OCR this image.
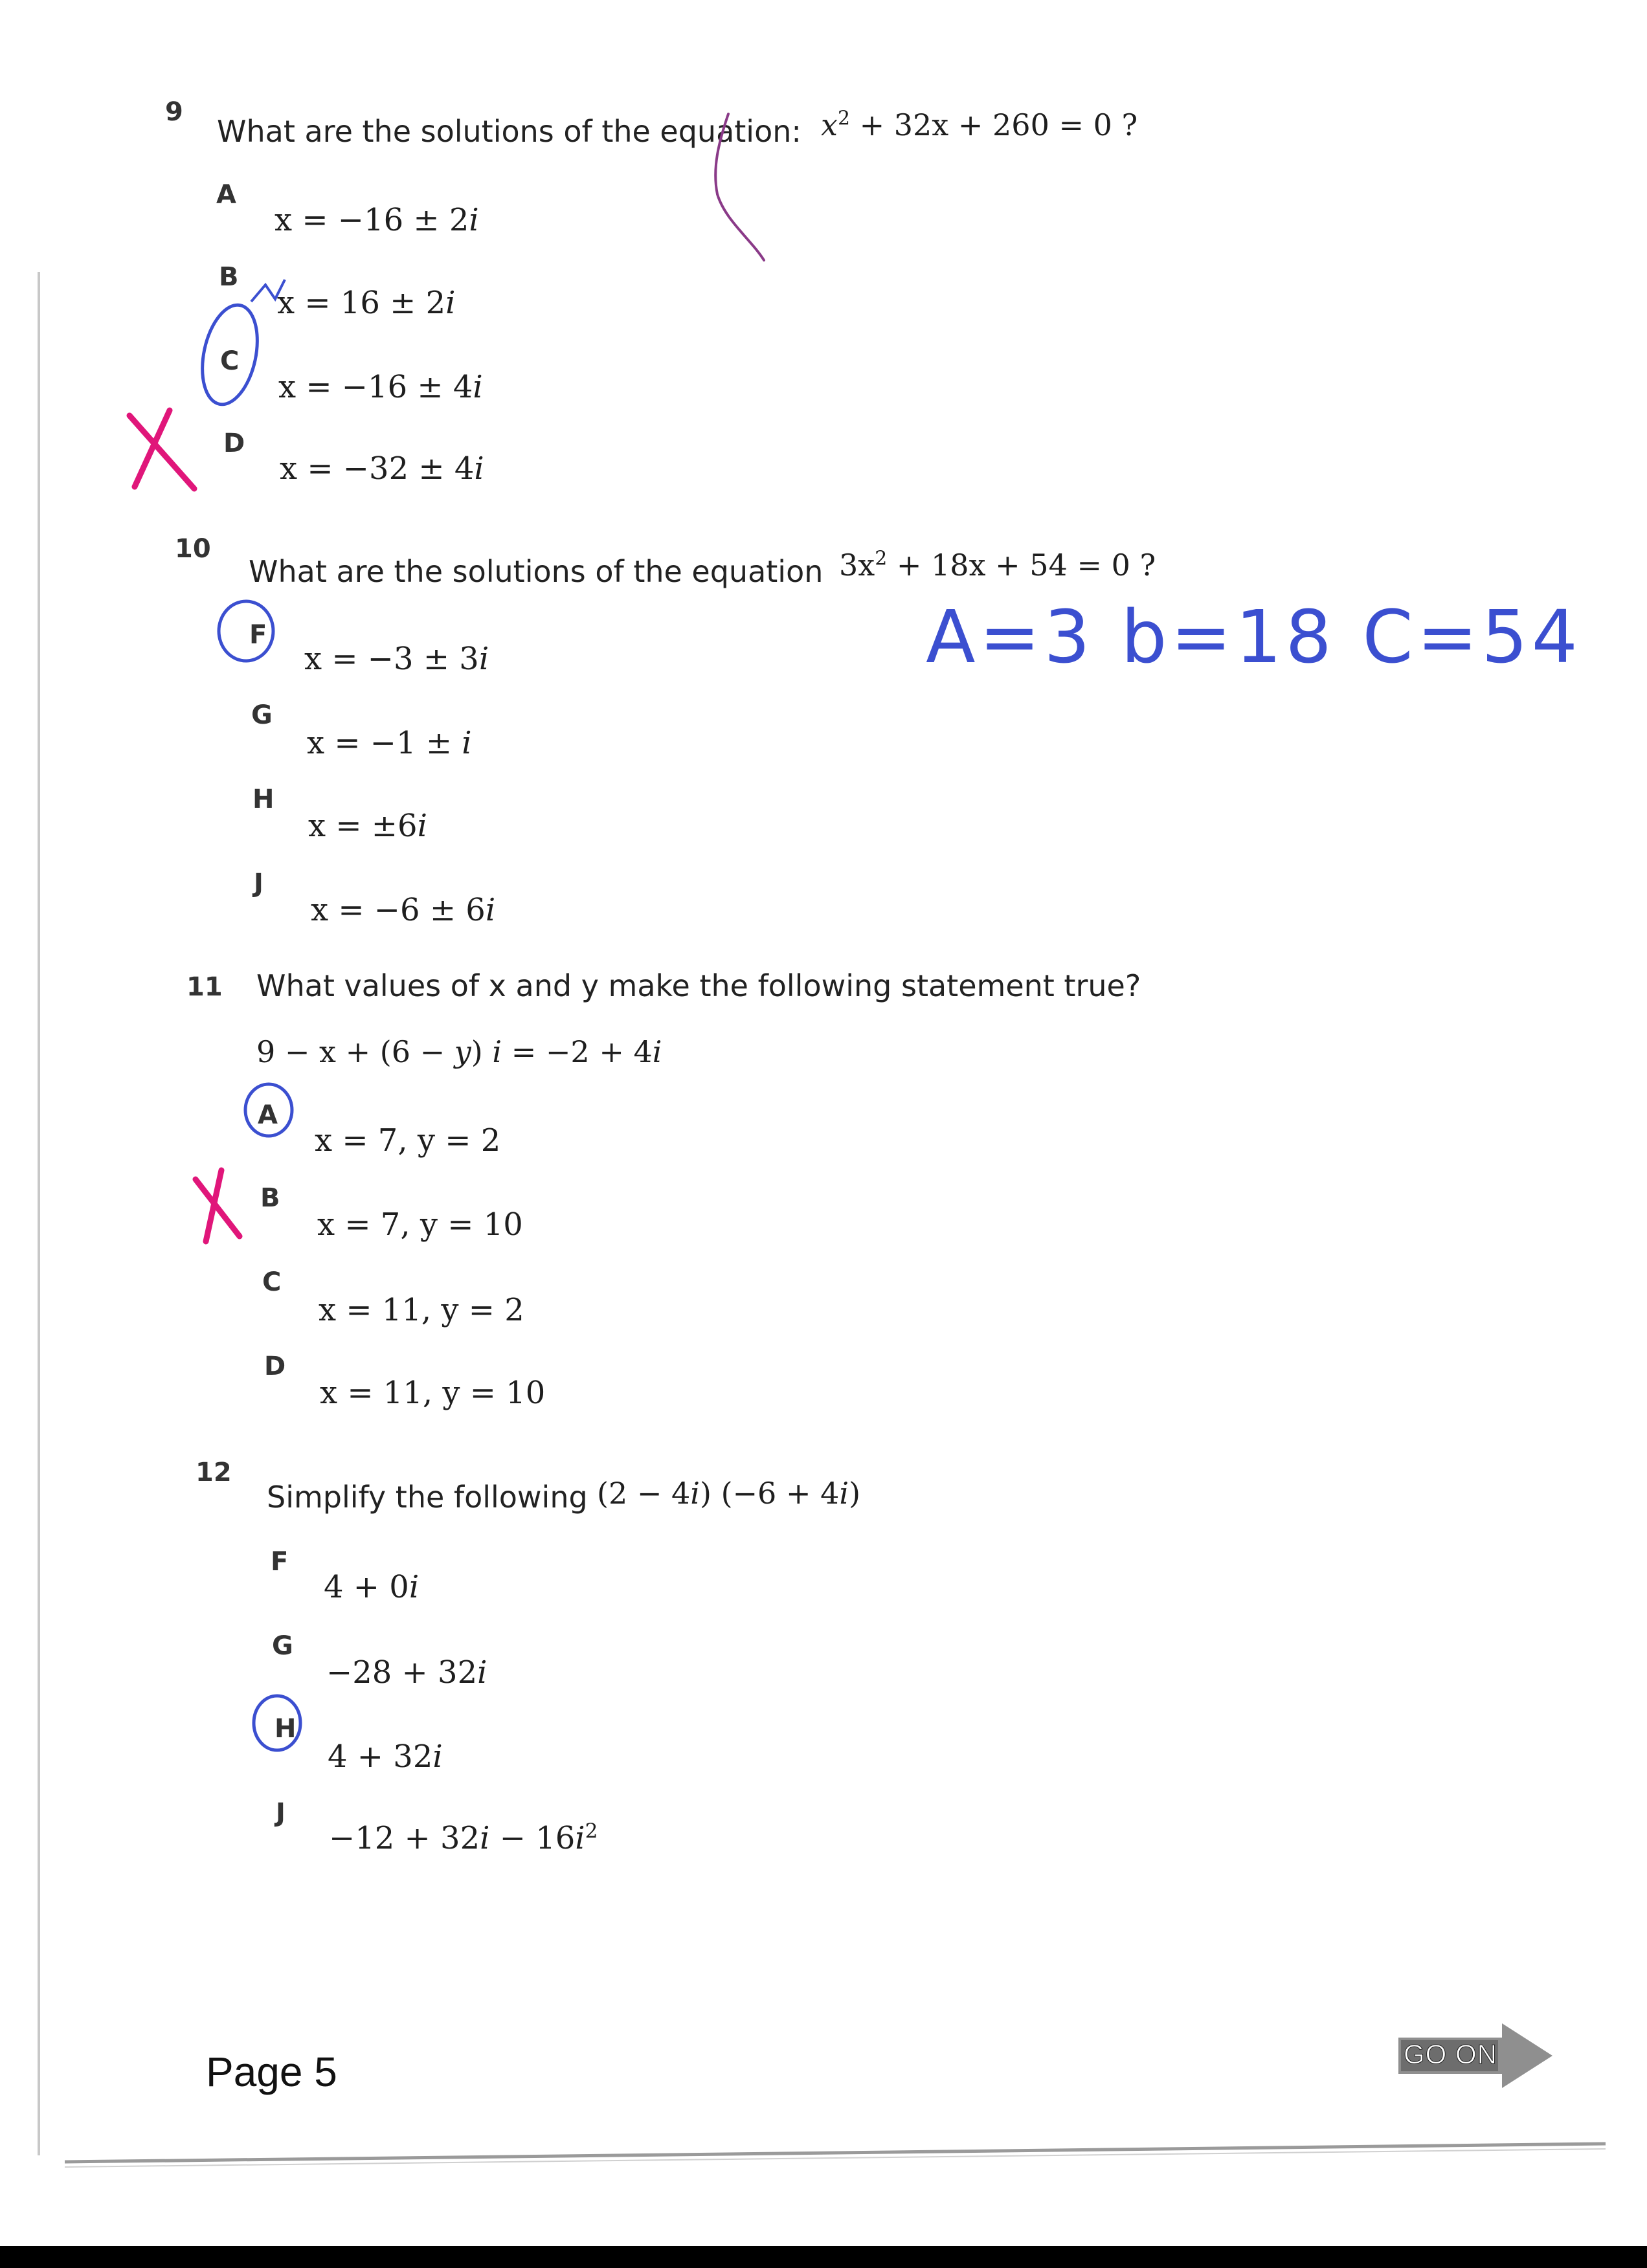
9
What are the solutions of the equation: $x^2 + 32x + 260 = 0$ ?
A
x = −16 ± 2i
B
x = 16 ± 2i
C
x = −16 ± 4i
D
x = −32 ± 4i
10
What are the solutions of the equation $3x^2 + 18x + 54 = 0$ ?
A=3 b=18 C=54
F
x = −3 ± 3i
G
x = −1 ± i
H
x = ±6i
J
x = −6 ± 6i
11 What values of x and y make the following statement true?
9 − x + (6 − y) i = −2 + 4i
A
x = 7, y = 2
B
x = 7, y = 10
C
x = 11, y = 2
D
x = 11, y = 10
12
Simplify the following (2 − 4i) (−6 + 4i)
F
4 + 0i
G
−28 + 32i
H
4 + 32i
J
$-12 + 32i - 16i^2$
Page 5	GO ON
